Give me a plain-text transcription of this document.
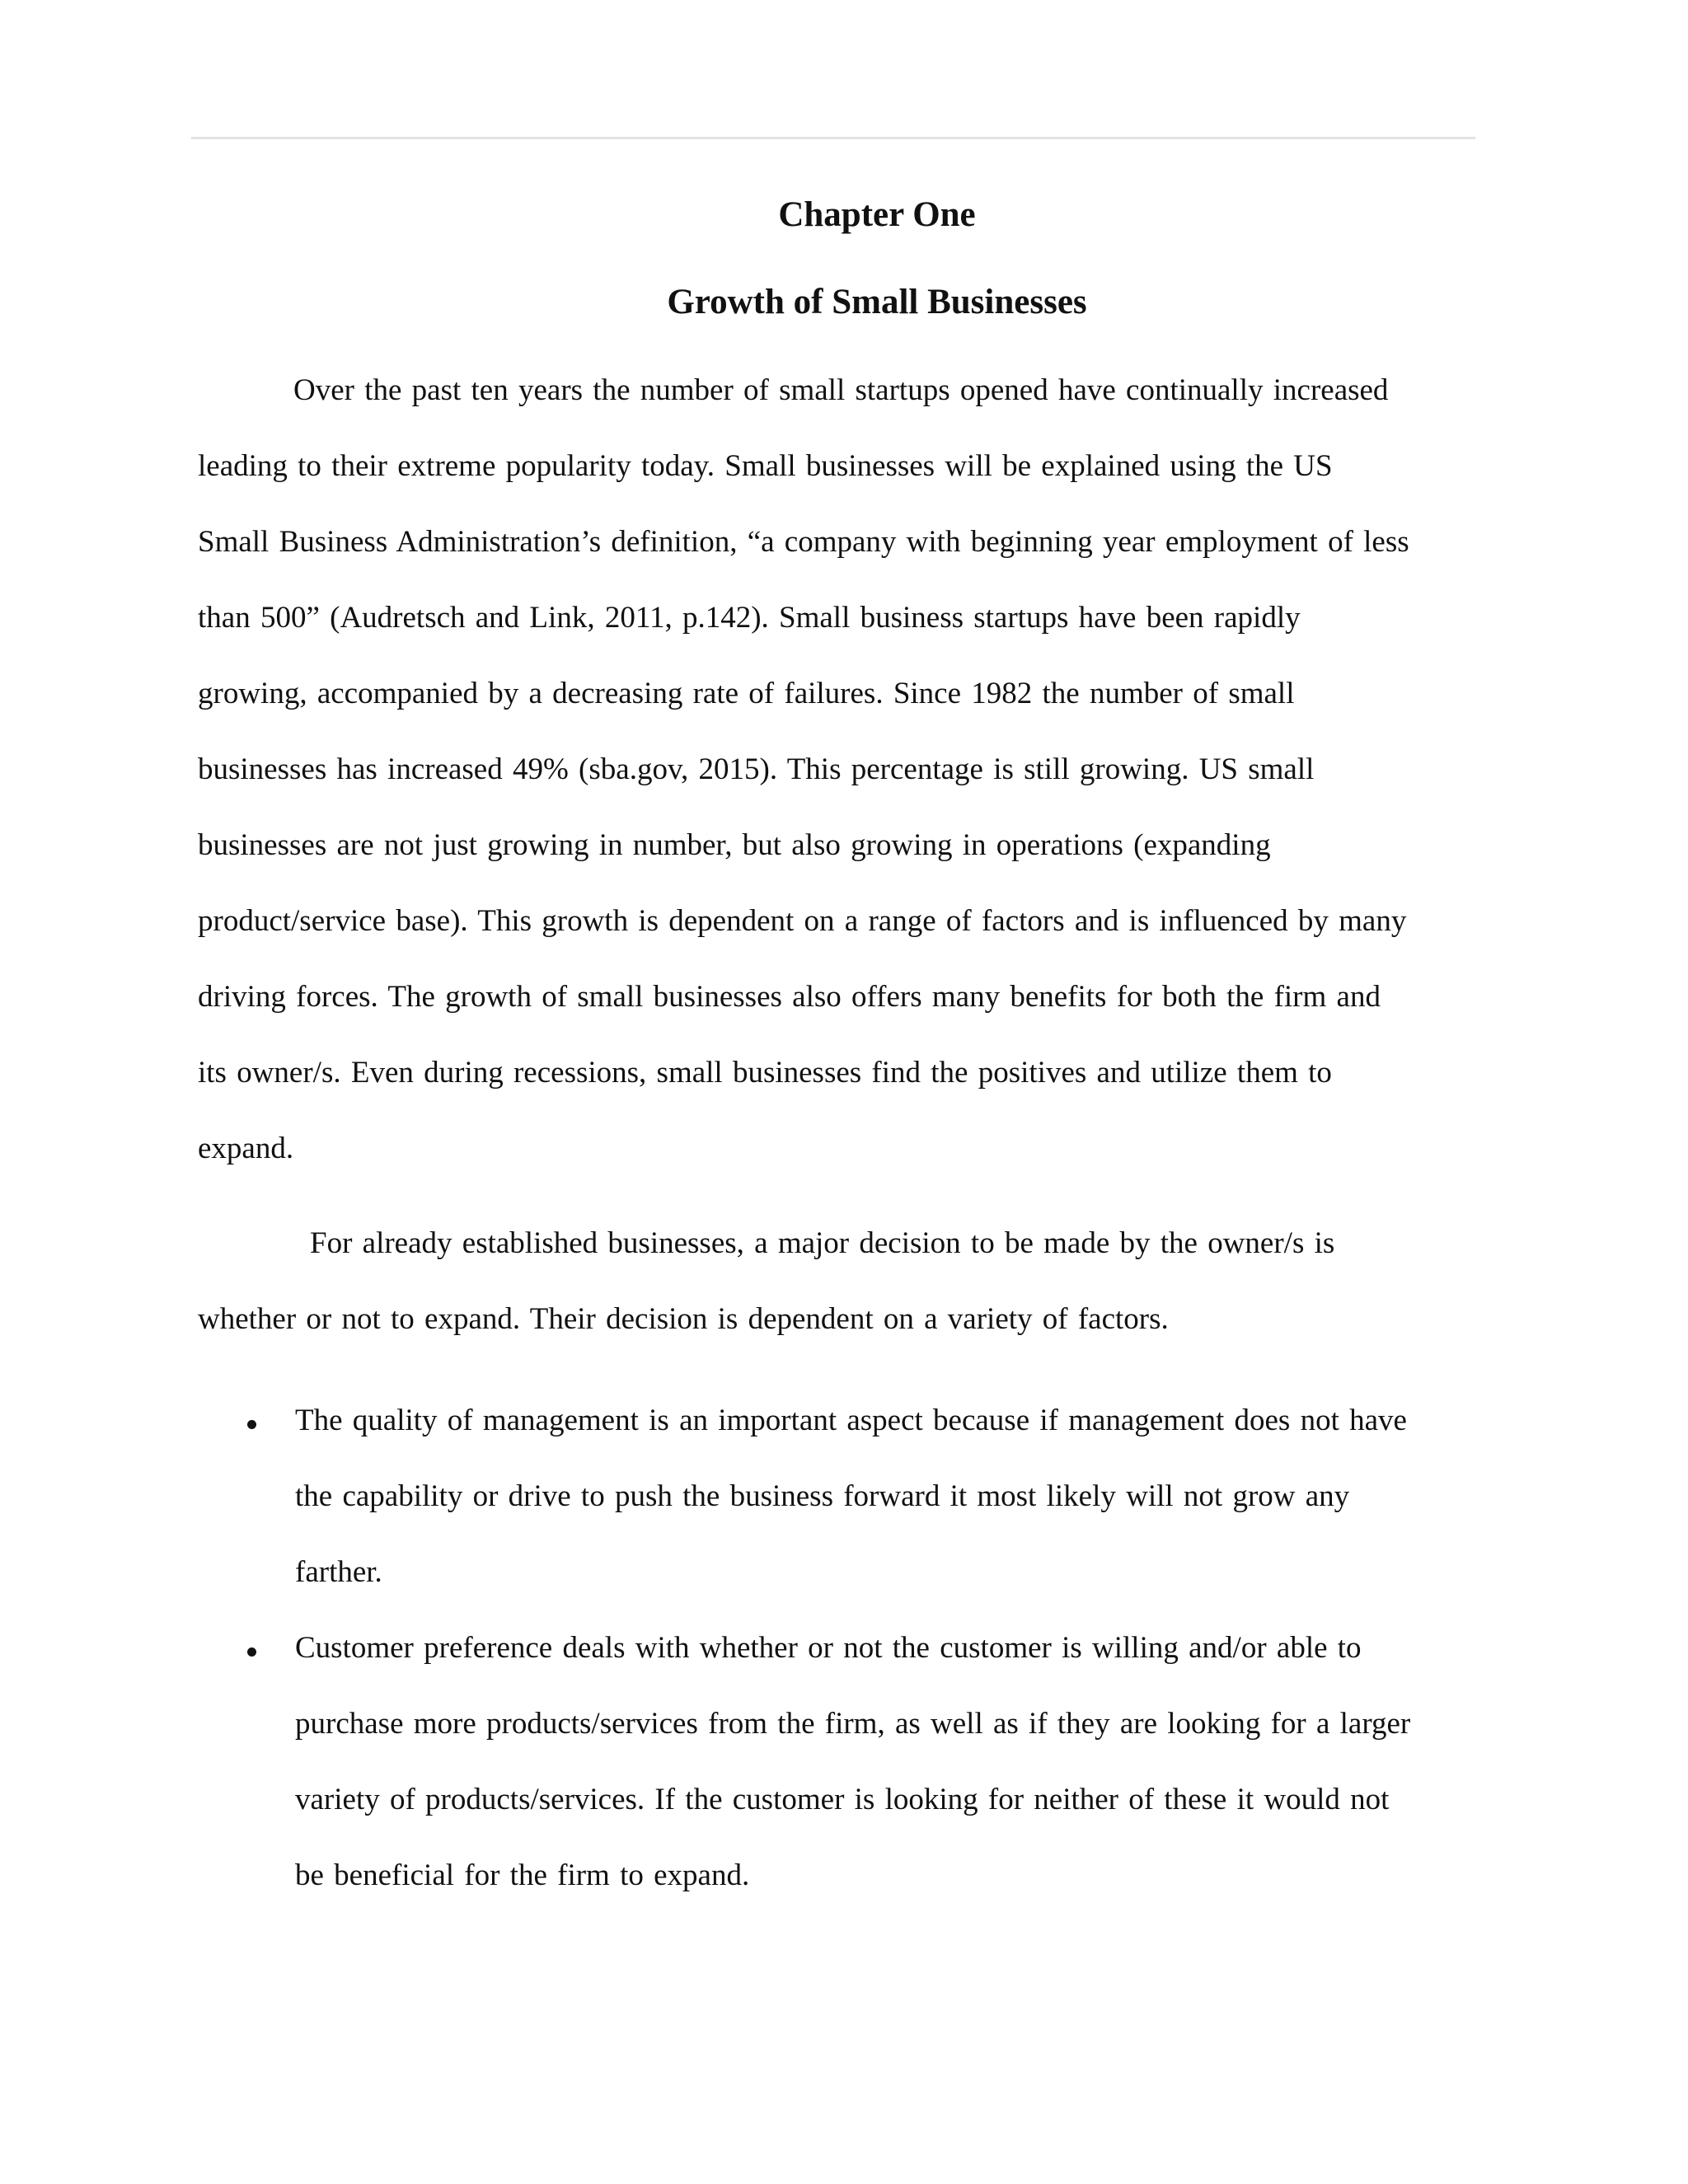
Chapter One
Growth of Small Businesses
Over the past ten years the number of small startups opened have continually increased
leading to their extreme popularity today. Small businesses will be explained using the US
Small Business Administration’s definition, “a company with beginning year employment of less
than 500” (Audretsch and Link, 2011, p.142). Small business startups have been rapidly
growing, accompanied by a decreasing rate of failures. Since 1982 the number of small
businesses has increased 49% (sba.gov, 2015). This percentage is still growing. US small
businesses are not just growing in number, but also growing in operations (expanding
product/service base). This growth is dependent on a range of factors and is influenced by many
driving forces. The growth of small businesses also offers many benefits for both the firm and
its owner/s. Even during recessions, small businesses find the positives and utilize them to
expand.
For already established businesses, a major decision to be made by the owner/s is
whether or not to expand. Their decision is dependent on a variety of factors.
The quality of management is an important aspect because if management does not have
the capability or drive to push the business forward it most likely will not grow any
farther.
Customer preference deals with whether or not the customer is willing and/or able to
purchase more products/services from the firm, as well as if they are looking for a larger
variety of products/services. If the customer is looking for neither of these it would not
be beneficial for the firm to expand.
